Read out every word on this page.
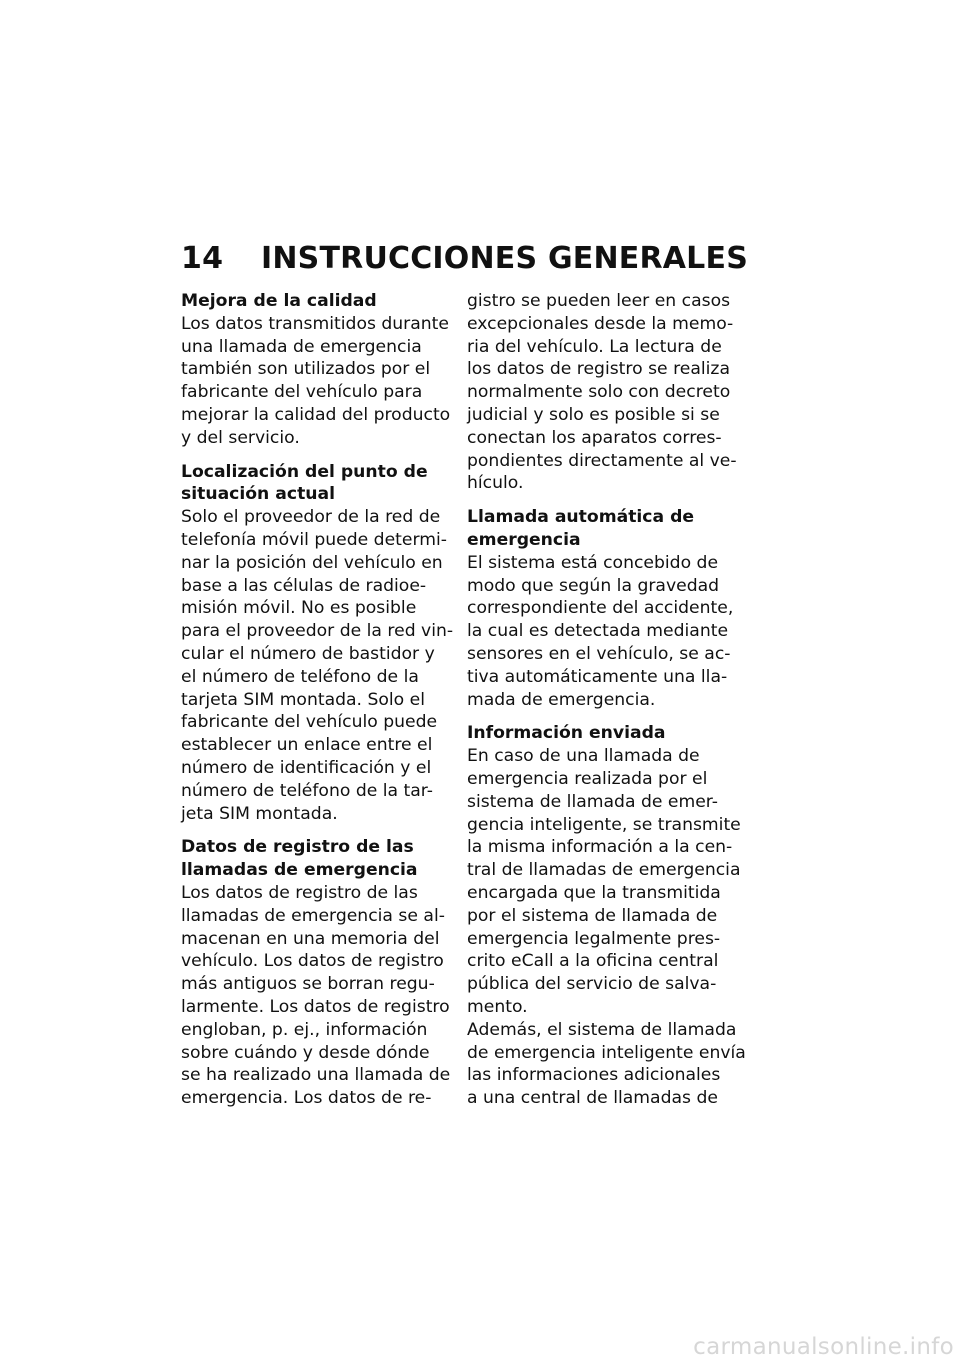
14	INSTRUCCIONES GENERALES
Mejora de la calidad
Los datos transmitidos durante
una llamada de emergencia
también son utilizados por el
fabricante del vehículo para
mejorar la calidad del producto
y del servicio.
Localización del punto de
situación actual
Solo el proveedor de la red de
telefonía móvil puede determi-
nar la posición del vehículo en
base a las células de radioe-
misión móvil. No es posible
para el proveedor de la red vin-
cular el número de bastidor y
el número de teléfono de la
tarjeta SIM montada. Solo el
fabricante del vehículo puede
establecer un enlace entre el
número de identificación y el
número de teléfono de la tar-
jeta SIM montada.
Datos de registro de las
llamadas de emergencia
Los datos de registro de las
llamadas de emergencia se al-
macenan en una memoria del
vehículo. Los datos de registro
más antiguos se borran regu-
larmente. Los datos de registro
engloban, p. ej., información
sobre cuándo y desde dónde
se ha realizado una llamada de
emergencia. Los datos de re-
gistro se pueden leer en casos
excepcionales desde la memo-
ria del vehículo. La lectura de
los datos de registro se realiza
normalmente solo con decreto
judicial y solo es posible si se
conectan los aparatos corres-
pondientes directamente al ve-
hículo.
Llamada automática de
emergencia
El sistema está concebido de
modo que según la gravedad
correspondiente del accidente,
la cual es detectada mediante
sensores en el vehículo, se ac-
tiva automáticamente una lla-
mada de emergencia.
Información enviada
En caso de una llamada de
emergencia realizada por el
sistema de llamada de emer-
gencia inteligente, se transmite
la misma información a la cen-
tral de llamadas de emergencia
encargada que la transmitida
por el sistema de llamada de
emergencia legalmente pres-
crito eCall a la oficina central
pública del servicio de salva-
mento.
Además, el sistema de llamada
de emergencia inteligente envía
las informaciones adicionales
a una central de llamadas de
carmanualsonline.info
